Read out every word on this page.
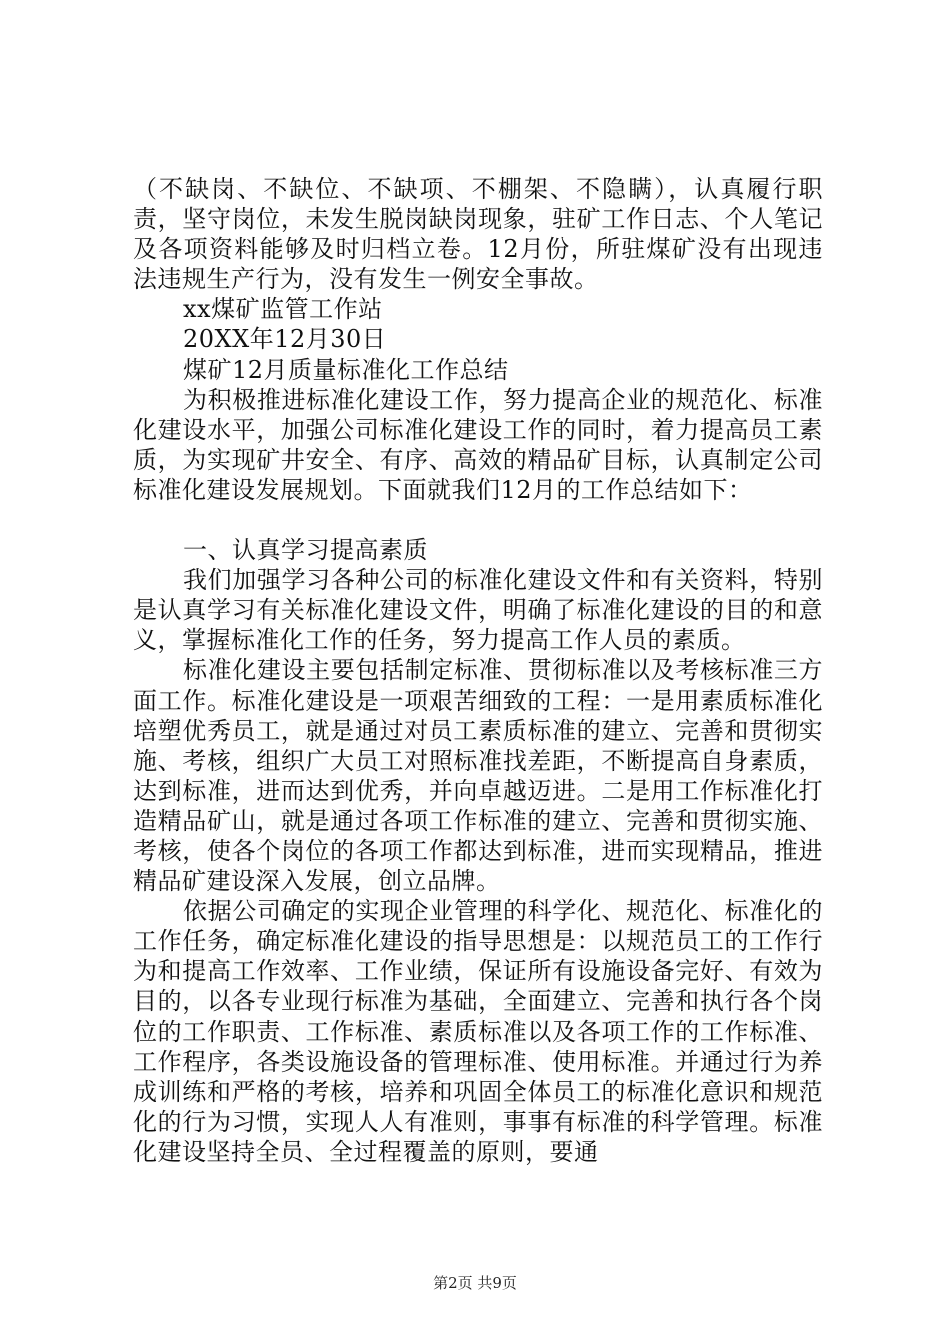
（不缺岗、不缺位、不缺项、不棚架、不隐瞒），认真履行职责，坚守岗位，未发生脱岗缺岗现象，驻矿工作日志、个人笔记及各项资料能够及时归档立卷。12月份，所驻煤矿没有出现违法违规生产行为，没有发生一例安全事故。

xx煤矿监管工作站

20XX年12月30日

煤矿12月质量标准化工作总结

为积极推进标准化建设工作，努力提高企业的规范化、标准化建设水平，加强公司标准化建设工作的同时，着力提高员工素质，为实现矿井安全、有序、高效的精品矿目标，认真制定公司标准化建设发展规划。下面就我们12月的工作总结如下：

一、认真学习提高素质

我们加强学习各种公司的标准化建设文件和有关资料，特别是认真学习有关标准化建设文件，明确了标准化建设的目的和意义，掌握标准化工作的任务，努力提高工作人员的素质。

标准化建设主要包括制定标准、贯彻标准以及考核标准三方面工作。标准化建设是一项艰苦细致的工程：一是用素质标准化培塑优秀员工，就是通过对员工素质标准的建立、完善和贯彻实施、考核，组织广大员工对照标准找差距，不断提高自身素质，达到标准，进而达到优秀，并向卓越迈进。二是用工作标准化打造精品矿山，就是通过各项工作标准的建立、完善和贯彻实施、考核，使各个岗位的各项工作都达到标准，进而实现精品，推进精品矿建设深入发展，创立品牌。

依据公司确定的实现企业管理的科学化、规范化、标准化的工作任务，确定标准化建设的指导思想是：以规范员工的工作行为和提高工作效率、工作业绩，保证所有设施设备完好、有效为目的，以各专业现行标准为基础，全面建立、完善和执行各个岗位的工作职责、工作标准、素质标准以及各项工作的工作标准、工作程序，各类设施设备的管理标准、使用标准。并通过行为养成训练和严格的考核，培养和巩固全体员工的标准化意识和规范化的行为习惯，实现人人有准则，事事有标准的科学管理。标准化建设坚持全员、全过程覆盖的原则，要通

第2页 共9页
